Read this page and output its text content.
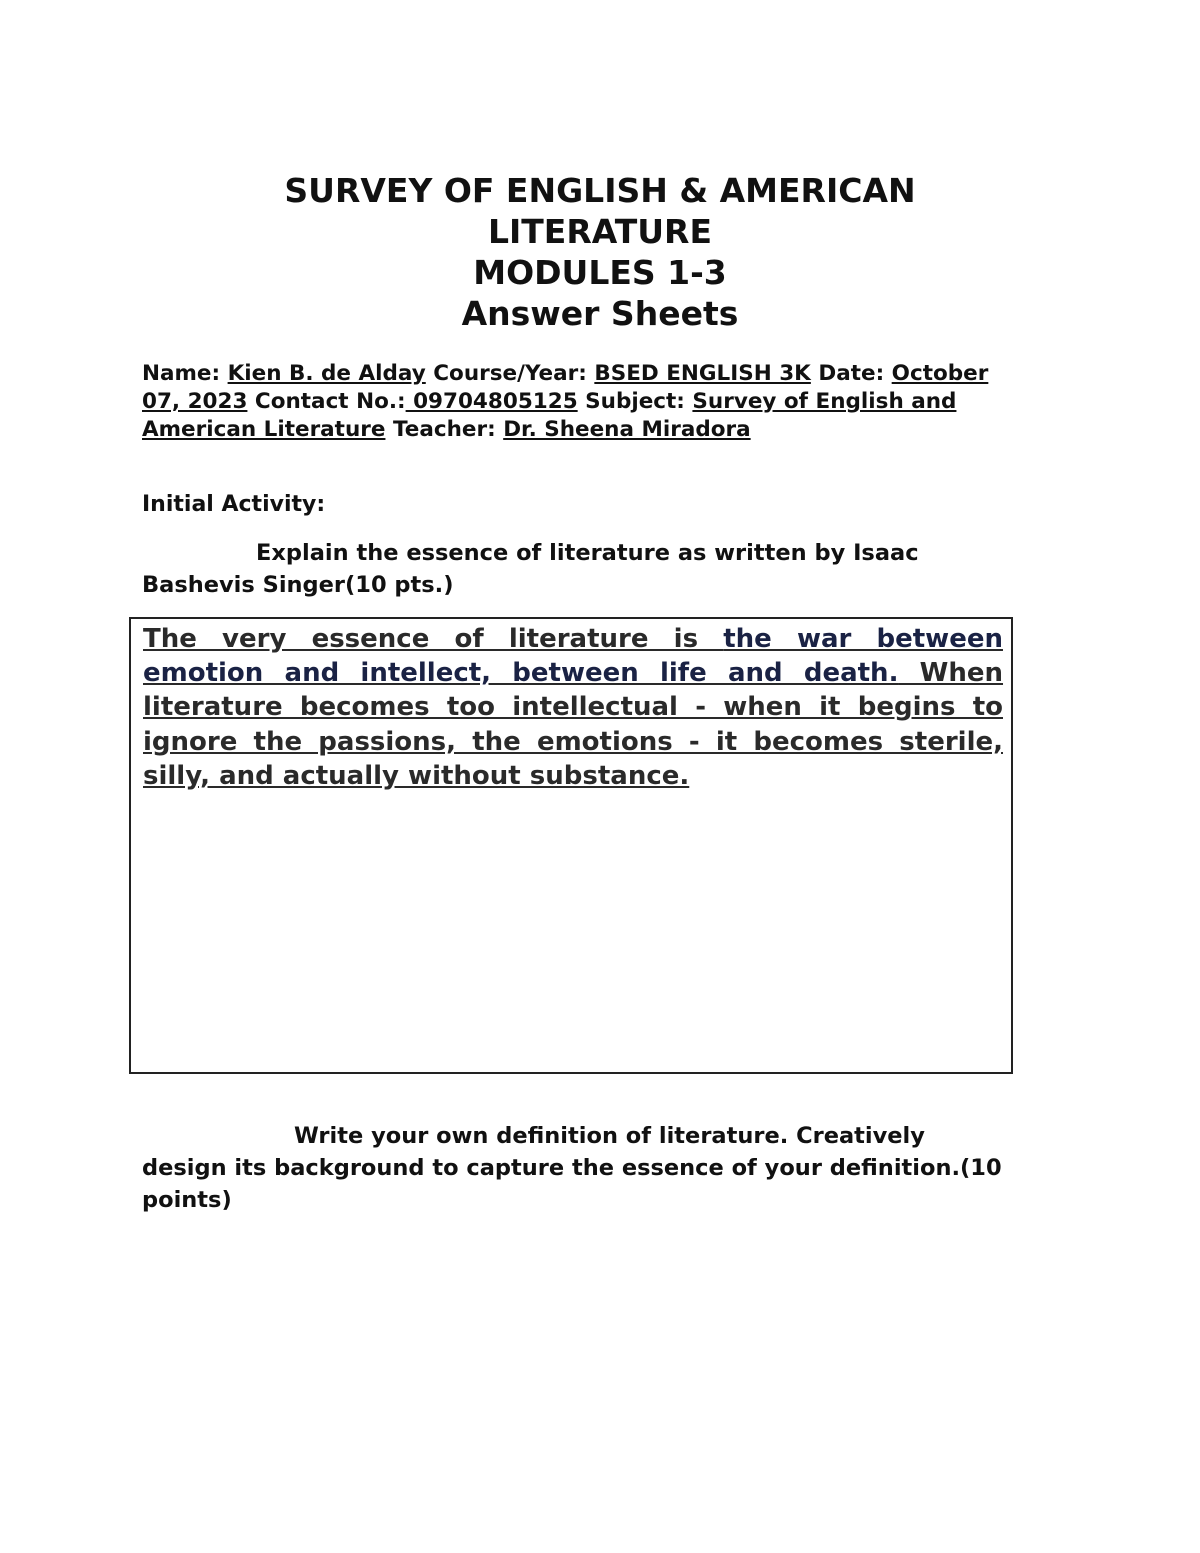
SURVEY OF ENGLISH & AMERICAN
LITERATURE
MODULES 1-3
Answer Sheets

Name: Kien B. de Alday Course/Year: BSED ENGLISH 3K Date: October 07, 2023 Contact No.: 09704805125 Subject: Survey of English and American Literature Teacher: Dr. Sheena Miradora

Initial Activity:

Explain the essence of literature as written by Isaac Bashevis Singer(10 pts.)

The very essence of literature is the war between emotion and intellect, between life and death. When literature becomes too intellectual - when it begins to ignore the passions, the emotions - it becomes sterile, silly, and actually without substance.

Write your own definition of literature. Creatively design its background to capture the essence of your definition.(10 points)
